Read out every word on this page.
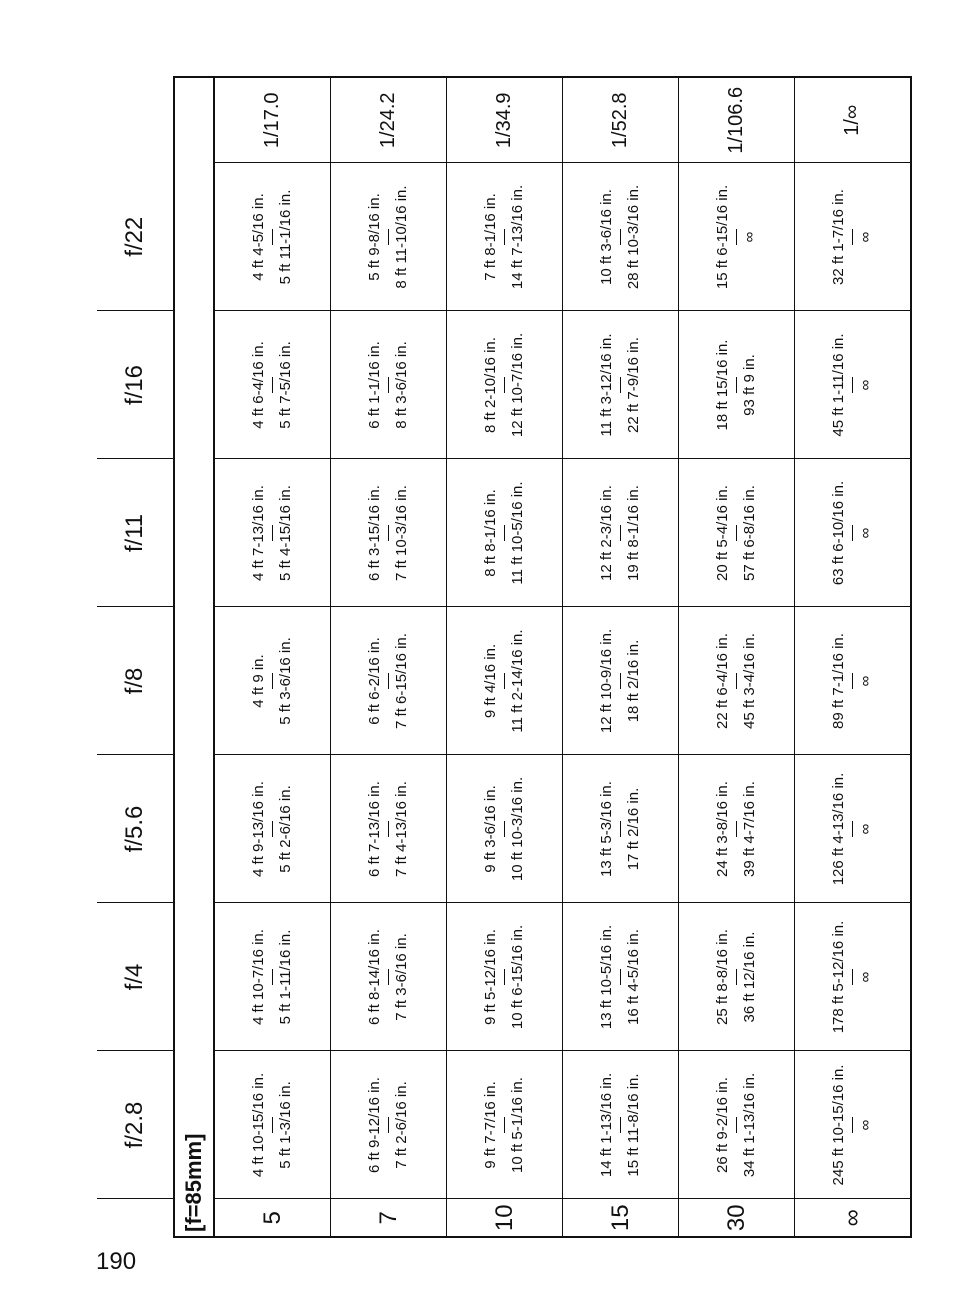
190
	f/2.8	f/4	f/5.6	f/8	f/11	f/16	f/22	
[f=85mm]								
5	4 ft 10-15/16 in. 5 ft 1-3/16 in.	4 ft 10-7/16 in. 5 ft 1-11/16 in.	4 ft 9-13/16 in. 5 ft 2-6/16 in.	4 ft 9 in. 5 ft 3-6/16 in.	4 ft 7-13/16 in. 5 ft 4-15/16 in.	4 ft 6-4/16 in. 5 ft 7-5/16 in.	4 ft 4-5/16 in. 5 ft 11-1/16 in.	1/17.0
7	6 ft 9-12/16 in. 7 ft 2-6/16 in.	6 ft 8-14/16 in. 7 ft 3-6/16 in.	6 ft 7-13/16 in. 7 ft 4-13/16 in.	6 ft 6-2/16 in. 7 ft 6-15/16 in.	6 ft 3-15/16 in. 7 ft 10-3/16 in.	6 ft 1-1/16 in. 8 ft 3-6/16 in.	5 ft 9-8/16 in. 8 ft 11-10/16 in.	1/24.2
10	9 ft 7-7/16 in. 10 ft 5-1/16 in.	9 ft 5-12/16 in. 10 ft 6-15/16 in.	9 ft 3-6/16 in. 10 ft 10-3/16 in.	9 ft 4/16 in. 11 ft 2-14/16 in.	8 ft 8-1/16 in. 11 ft 10-5/16 in.	8 ft 2-10/16 in. 12 ft 10-7/16 in.	7 ft 8-1/16 in. 14 ft 7-13/16 in.	1/34.9
15	14 ft 1-13/16 in. 15 ft 11-8/16 in.	13 ft 10-5/16 in. 16 ft 4-5/16 in.	13 ft 5-3/16 in. 17 ft 2/16 in.	12 ft 10-9/16 in. 18 ft 2/16 in.	12 ft 2-3/16 in. 19 ft 8-1/16 in.	11 ft 3-12/16 in. 22 ft 7-9/16 in.	10 ft 3-6/16 in. 28 ft 10-3/16 in.	1/52.8
30	26 ft 9-2/16 in. 34 ft 1-13/16 in.	25 ft 8-8/16 in. 36 ft 12/16 in.	24 ft 3-8/16 in. 39 ft 4-7/16 in.	22 ft 6-4/16 in. 45 ft 3-4/16 in.	20 ft 5-4/16 in. 57 ft 6-8/16 in.	18 ft 15/16 in. 93 ft 9 in.	15 ft 6-15/16 in. ∞	1/106.6
∞	245 ft 10-15/16 in. ∞	178 ft 5-12/16 in. ∞	126 ft 4-13/16 in. ∞	89 ft 7-1/16 in. ∞	63 ft 6-10/16 in. ∞	45 ft 1-11/16 in. ∞	32 ft 1-7/16 in. ∞	1/∞
